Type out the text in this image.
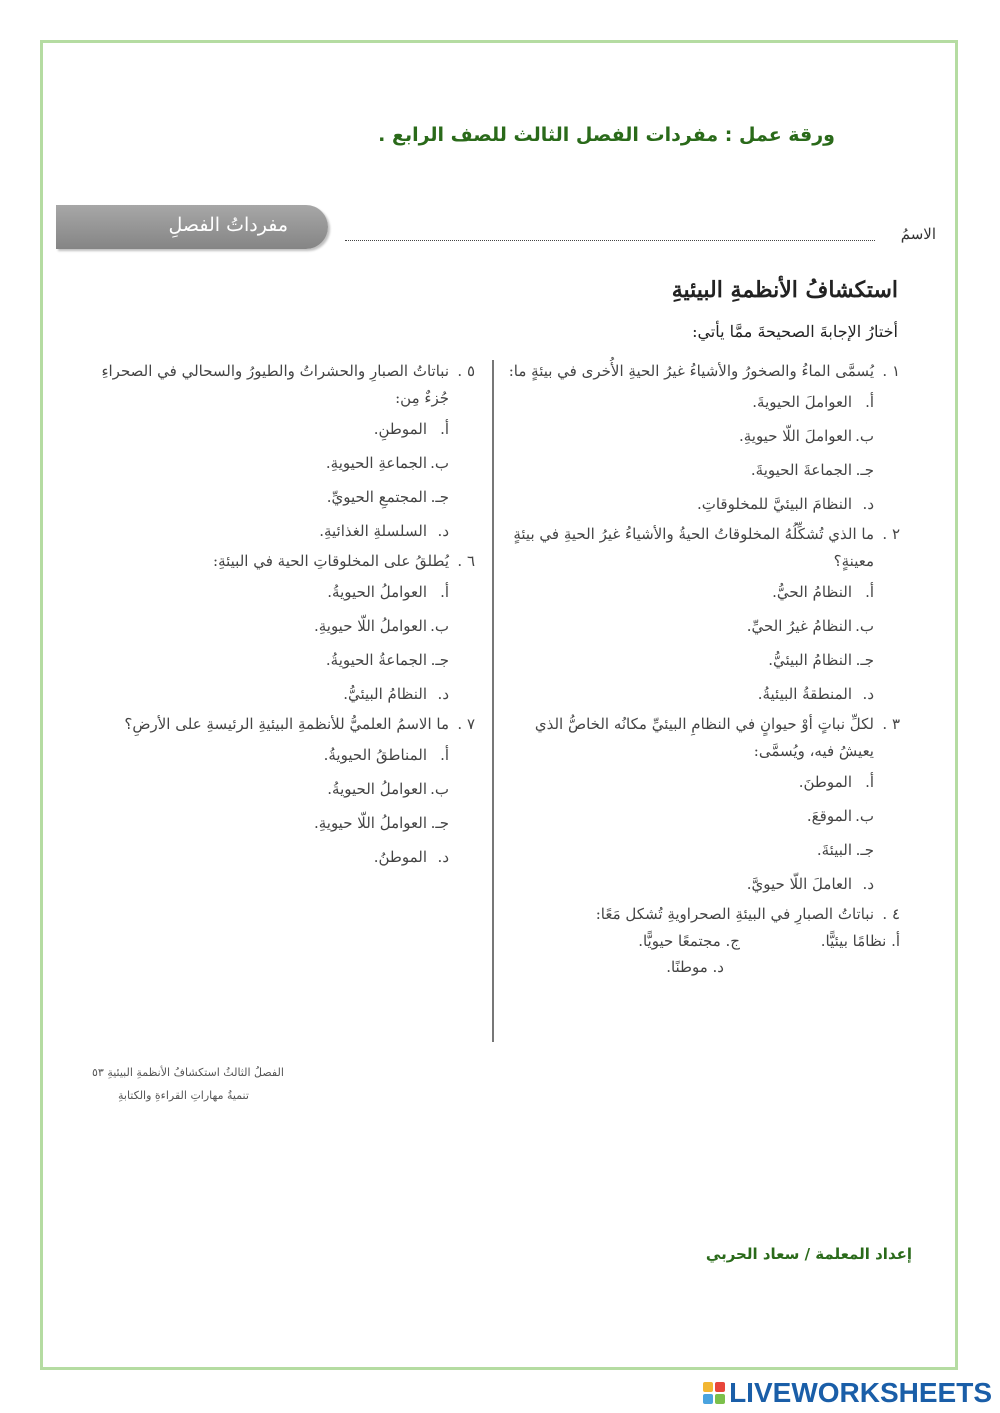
ورقة عمل : مفردات الفصل الثالث للصف الرابع .
مفرداتُ الفصلِ	الاسمُ
استكشافُ الأنظمةِ البيئيةِ
أختارُ الإجابةَ الصحيحةَ ممَّا يأتي:
١ .
يُسمَّى الماءُ والصخورُ والأشياءُ غيرُ الحيةِ الأُخرى في بيئةٍ ما:
أ.
العواملَ الحيويةَ.
ب.
العواملَ اللّا حيويةِ.
جـ.
الجماعةَ الحيويةَ.
د.
النظامَ البيئيَّ للمخلوقاتِ.
٢ .
ما الذي تُشكِّلُهُ المخلوقاتُ الحيةُ والأشياءُ غيرُ الحيةِ في بيئةٍ معينةٍ؟
أ.
النظامُ الحيُّ.
ب.
النظامُ غيرُ الحيِّ.
جـ.
النظامُ البيئيُّ.
د.
المنطقةُ البيئيةُ.
٣ .
لكلِّ نباتٍ أوْ حيوانٍ في النظامِ البيئيِّ مكانُه الخاصُّ الذي يعيشُ فيه، ويُسمَّى:
أ.
الموطنَ.
ب.
الموقعَ.
جـ.
البيئةَ.
د.
العاملَ اللّا حيويَّ.
٤ .
نباتاتُ الصبارِ في البيئةِ الصحراويةِ تُشكل مَعًا:
أ. نظامًا بيئيًّا.
ج. مجتمعًا حيويًّا.
د. موطنًا.
٥ .
نباتاتُ الصبارِ والحشراتُ والطيورُ والسحالي في الصحراءِ جُزءٌ مِن:
أ.
الموطنِ.
ب.
الجماعةِ الحيويةِ.
جـ.
المجتمعِ الحيويِّ.
د.
السلسلةِ الغذائيةِ.
٦ .
يُطلقُ على المخلوقاتِ الحية في البيئةِ:
أ.
العواملُ الحيويةُ.
ب.
العواملُ اللّا حيويةِ.
جـ.
الجماعةُ الحيويةُ.
د.
النظامُ البيئيُّ.
٧ .
ما الاسمُ العلميُّ للأنظمةِ البيئيةِ الرئيسةِ على الأرضِ؟
أ.
المناطقُ الحيويةُ.
ب.
العواملُ الحيويةُ.
جـ.
العواملُ اللّا حيويةِ.
د.
الموطنُ.
الفصلُ الثالثُ استكشافُ الأنظمةِ البيئيةِ ٥٣
تنميةُ مهاراتِ القراءةِ والكتابةِ
إعداد المعلمة / سعاد الحربي
LIVEWORKSHEETS
